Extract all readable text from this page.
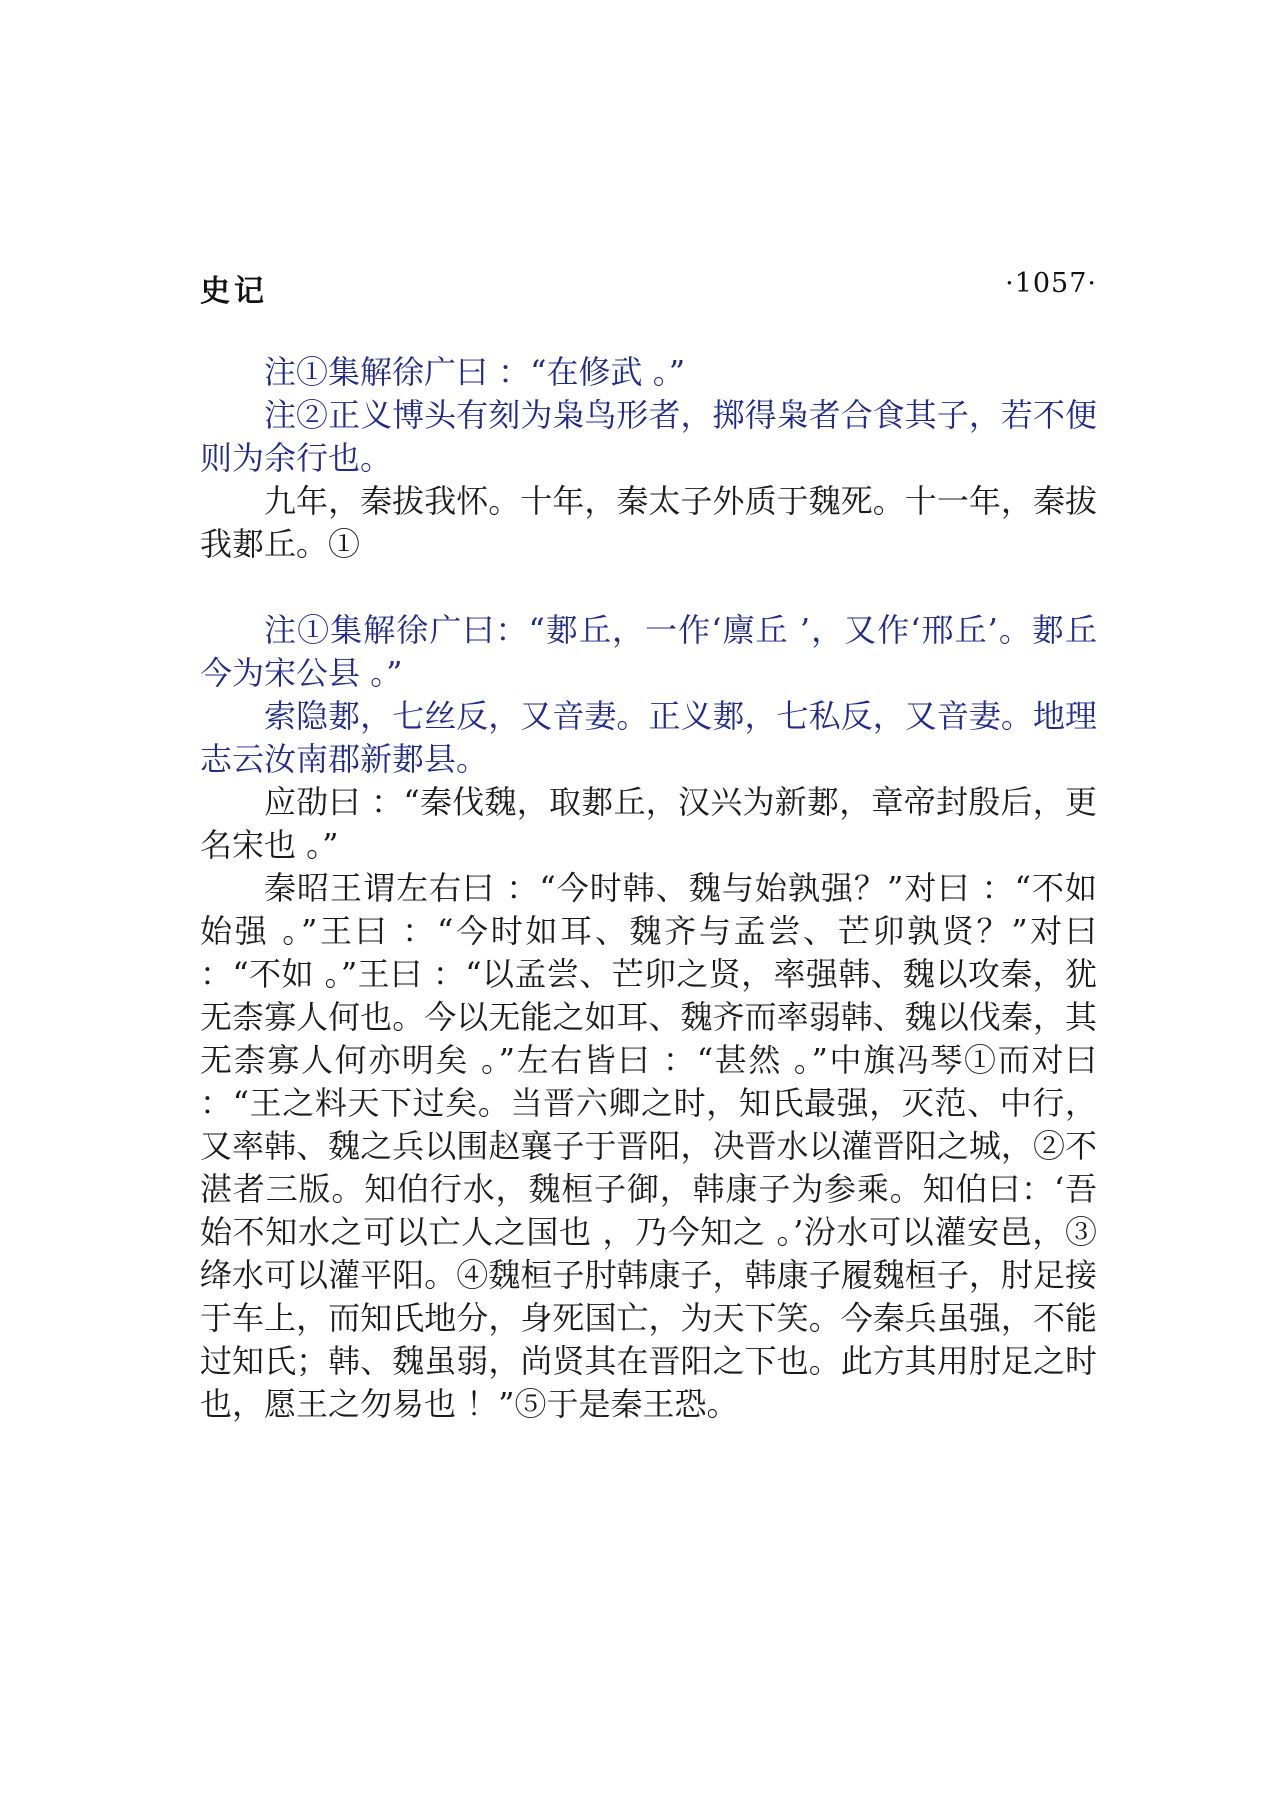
史记	·1057·

注①集解徐广曰 ：“在修武 。”

注②正义博头有刻为枭鸟形者，掷得枭者合食其子，若不便则为余行也。

九年，秦拔我怀。十年，秦太子外质于魏死。十一年，秦拔我郪丘。①

注①集解徐广曰：“郪丘，一作‘廪丘 ’，又作‘邢丘’。郪丘今为宋公县 。”

索隐郪，七丝反，又音妻。正义郪，七私反，又音妻。地理志云汝南郡新郪县。

应劭曰 ：“秦伐魏，取郪丘，汉兴为新郪，章帝封殷后，更名宋也 。”

秦昭王谓左右曰 ：“今时韩、魏与始孰强？”对曰 ：“不如始强 。”王曰 ：“今时如耳、魏齐与孟尝、芒卯孰贤？”对曰 ：“不如 。”王曰 ：“以孟尝、芒卯之贤，率强韩、魏以攻秦，犹无柰寡人何也。今以无能之如耳、魏齐而率弱韩、魏以伐秦，其无柰寡人何亦明矣 。”左右皆曰 ：“甚然 。”中旗冯琴①而对曰 ：“王之料天下过矣。当晋六卿之时，知氏最强，灭范、中行，又率韩、魏之兵以围赵襄子于晋阳，决晋水以灌晋阳之城，②不湛者三版。知伯行水，魏桓子御，韩康子为参乘。知伯曰：‘吾始不知水之可以亡人之国也 ，乃今知之 。’汾水可以灌安邑，③绛水可以灌平阳。④魏桓子肘韩康子，韩康子履魏桓子，肘足接于车上，而知氏地分，身死国亡，为天下笑。今秦兵虽强，不能过知氏；韩、魏虽弱，尚贤其在晋阳之下也。此方其用肘足之时也，愿王之勿易也 ！”⑤于是秦王恐。
